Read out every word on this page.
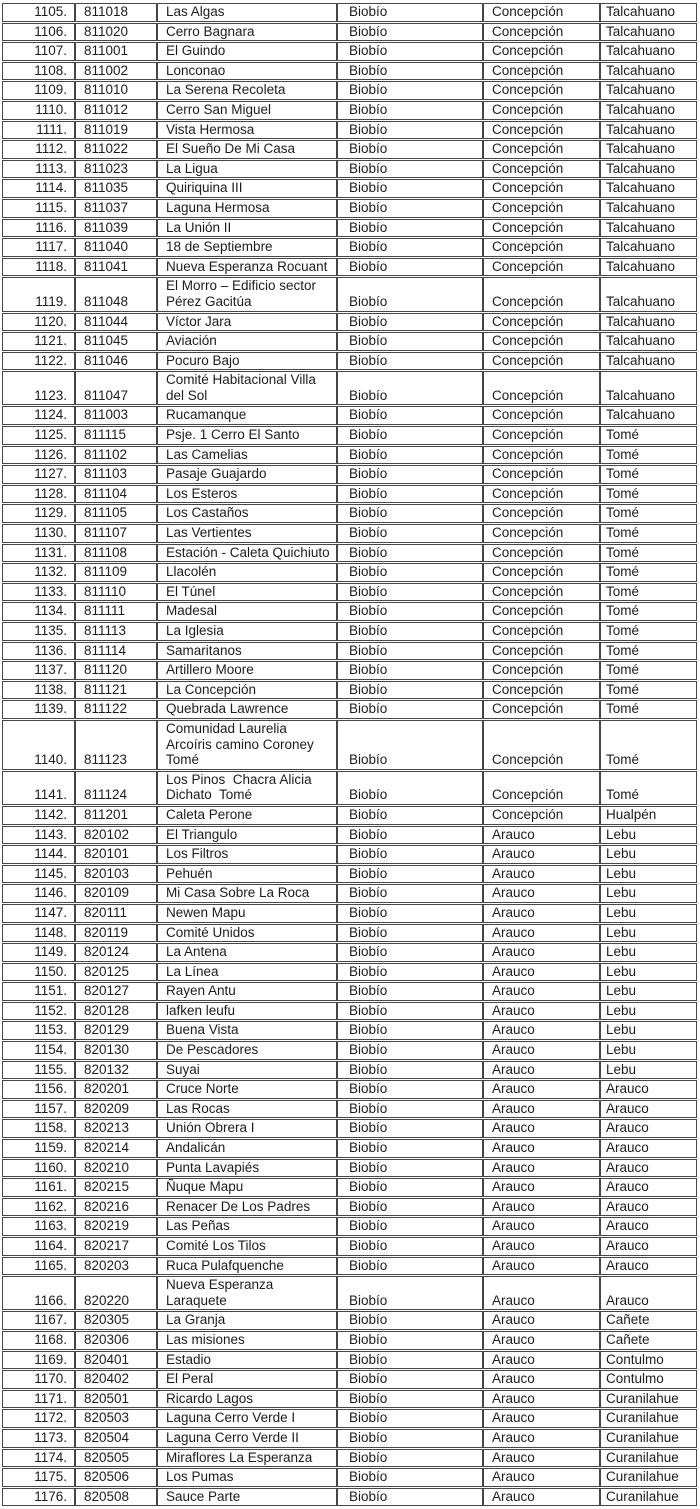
1105.	811018	Las Algas	Biobío	Concepción	Talcahuano
1106.	811020	Cerro Bagnara	Biobío	Concepción	Talcahuano
1107.	811001	El Guindo	Biobío	Concepción	Talcahuano
1108.	811002	Lonconao	Biobío	Concepción	Talcahuano
1109.	811010	La Serena Recoleta	Biobío	Concepción	Talcahuano
1110.	811012	Cerro San Miguel	Biobío	Concepción	Talcahuano
1111.	811019	Vista Hermosa	Biobío	Concepción	Talcahuano
1112.	811022	El Sueño De Mi Casa	Biobío	Concepción	Talcahuano
1113.	811023	La Ligua	Biobío	Concepción	Talcahuano
1114.	811035	Quiriquina III	Biobío	Concepción	Talcahuano
1115.	811037	Laguna Hermosa	Biobío	Concepción	Talcahuano
1116.	811039	La Unión II	Biobío	Concepción	Talcahuano
1117.	811040	18 de Septiembre	Biobío	Concepción	Talcahuano
1118.	811041	Nueva Esperanza Rocuant	Biobío	Concepción	Talcahuano
1119.	811048	El Morro – Edificio sector Pérez Gacitúa	Biobío	Concepción	Talcahuano
1120.	811044	Víctor Jara	Biobío	Concepción	Talcahuano
1121.	811045	Aviación	Biobío	Concepción	Talcahuano
1122.	811046	Pocuro Bajo	Biobío	Concepción	Talcahuano
1123.	811047	Comité Habitacional Villa del Sol	Biobío	Concepción	Talcahuano
1124.	811003	Rucamanque	Biobío	Concepción	Talcahuano
1125.	811115	Psje. 1 Cerro El Santo	Biobío	Concepción	Tomé
1126.	811102	Las Camelias	Biobío	Concepción	Tomé
1127.	811103	Pasaje Guajardo	Biobío	Concepción	Tomé
1128.	811104	Los Esteros	Biobío	Concepción	Tomé
1129.	811105	Los Castaños	Biobío	Concepción	Tomé
1130.	811107	Las Vertientes	Biobío	Concepción	Tomé
1131.	811108	Estación - Caleta Quichiuto	Biobío	Concepción	Tomé
1132.	811109	Llacolén	Biobío	Concepción	Tomé
1133.	811110	El Túnel	Biobío	Concepción	Tomé
1134.	811111	Madesal	Biobío	Concepción	Tomé
1135.	811113	La Iglesia	Biobío	Concepción	Tomé
1136.	811114	Samaritanos	Biobío	Concepción	Tomé
1137.	811120	Artillero Moore	Biobío	Concepción	Tomé
1138.	811121	La Concepción	Biobío	Concepción	Tomé
1139.	811122	Quebrada Lawrence	Biobío	Concepción	Tomé
1140.	811123	Comunidad Laurelia Arcoíris camino Coroney Tomé	Biobío	Concepción	Tomé
1141.	811124	Los Pinos  Chacra Alicia Dichato  Tomé	Biobío	Concepción	Tomé
1142.	811201	Caleta Perone	Biobío	Concepción	Hualpén
1143.	820102	El Triangulo	Biobío	Arauco	Lebu
1144.	820101	Los Filtros	Biobío	Arauco	Lebu
1145.	820103	Pehuén	Biobío	Arauco	Lebu
1146.	820109	Mi Casa Sobre La Roca	Biobío	Arauco	Lebu
1147.	820111	Newen Mapu	Biobío	Arauco	Lebu
1148.	820119	Comité Unidos	Biobío	Arauco	Lebu
1149.	820124	La Antena	Biobío	Arauco	Lebu
1150.	820125	La Línea	Biobío	Arauco	Lebu
1151.	820127	Rayen Antu	Biobío	Arauco	Lebu
1152.	820128	lafken leufu	Biobío	Arauco	Lebu
1153.	820129	Buena Vista	Biobío	Arauco	Lebu
1154.	820130	De Pescadores	Biobío	Arauco	Lebu
1155.	820132	Suyai	Biobío	Arauco	Lebu
1156.	820201	Cruce Norte	Biobío	Arauco	Arauco
1157.	820209	Las Rocas	Biobío	Arauco	Arauco
1158.	820213	Unión Obrera I	Biobío	Arauco	Arauco
1159.	820214	Andalicán	Biobío	Arauco	Arauco
1160.	820210	Punta Lavapiés	Biobío	Arauco	Arauco
1161.	820215	Ñuque Mapu	Biobío	Arauco	Arauco
1162.	820216	Renacer De Los Padres	Biobío	Arauco	Arauco
1163.	820219	Las Peñas	Biobío	Arauco	Arauco
1164.	820217	Comité Los Tilos	Biobío	Arauco	Arauco
1165.	820203	Ruca Pulafquenche	Biobío	Arauco	Arauco
1166.	820220	Nueva Esperanza Laraquete	Biobío	Arauco	Arauco
1167.	820305	La Granja	Biobío	Arauco	Cañete
1168.	820306	Las misiones	Biobío	Arauco	Cañete
1169.	820401	Estadio	Biobío	Arauco	Contulmo
1170.	820402	El Peral	Biobío	Arauco	Contulmo
1171.	820501	Ricardo Lagos	Biobío	Arauco	Curanilahue
1172.	820503	Laguna Cerro Verde I	Biobío	Arauco	Curanilahue
1173.	820504	Laguna Cerro Verde II	Biobío	Arauco	Curanilahue
1174.	820505	Miraflores La Esperanza	Biobío	Arauco	Curanilahue
1175.	820506	Los Pumas	Biobío	Arauco	Curanilahue
1176.	820508	Sauce Parte	Biobío	Arauco	Curanilahue
